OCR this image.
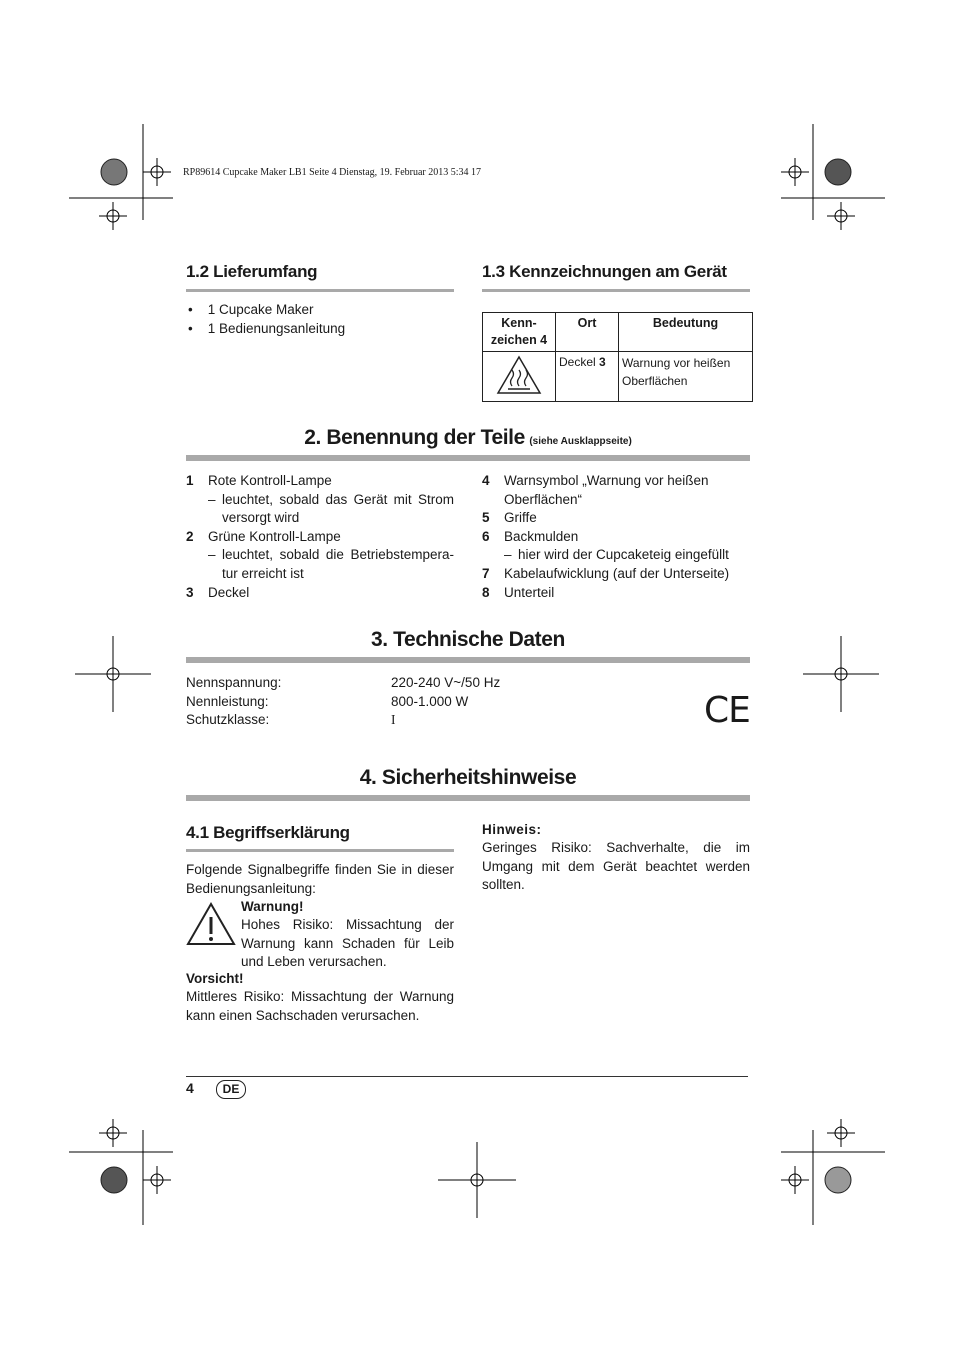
RP89614 Cupcake Maker LB1 Seite 4 Dienstag, 19. Februar 2013 5:34 17
1.2 Lieferumfang
•    1 Cupcake Maker
•    1 Bedienungsanleitung
1.3 Kennzeichnungen am Gerät
Kenn-zeichen 4	Ort	Bedeutung
	Deckel 3	Warnung vor heißen Oberflächen
2. Benennung der Teile (siehe Ausklappseite)
1 Rote Kontroll-Lampe
– leuchtet, sobald das Gerät mit Strom versorgt wird
2 Grüne Kontroll-Lampe
– leuchtet, sobald die Betriebstempera-tur erreicht ist
3 Deckel
4 Warnsymbol „Warnung vor heißen Oberflächen“
5 Griffe
6 Backmulden
– hier wird der Cupcaketeig eingefüllt
7 Kabelaufwicklung (auf der Unterseite)
8 Unterteil
3. Technische Daten
Nennspannung:	220-240 V~/50 Hz
Nennleistung:	800-1.000 W
Schutzklasse:	I	CE
4. Sicherheitshinweise
4.1 Begriffserklärung
Folgende Signalbegriffe finden Sie in dieser Bedienungsanleitung:
Warnung!
Hohes Risiko: Missachtung der Warnung kann Schaden für Leib und Leben verursachen.
Vorsicht!
Mittleres Risiko: Missachtung der Warnung kann einen Sachschaden verursachen.
Hinweis:
Geringes Risiko: Sachverhalte, die im Umgang mit dem Gerät beachtet werden sollten.
4	DE
